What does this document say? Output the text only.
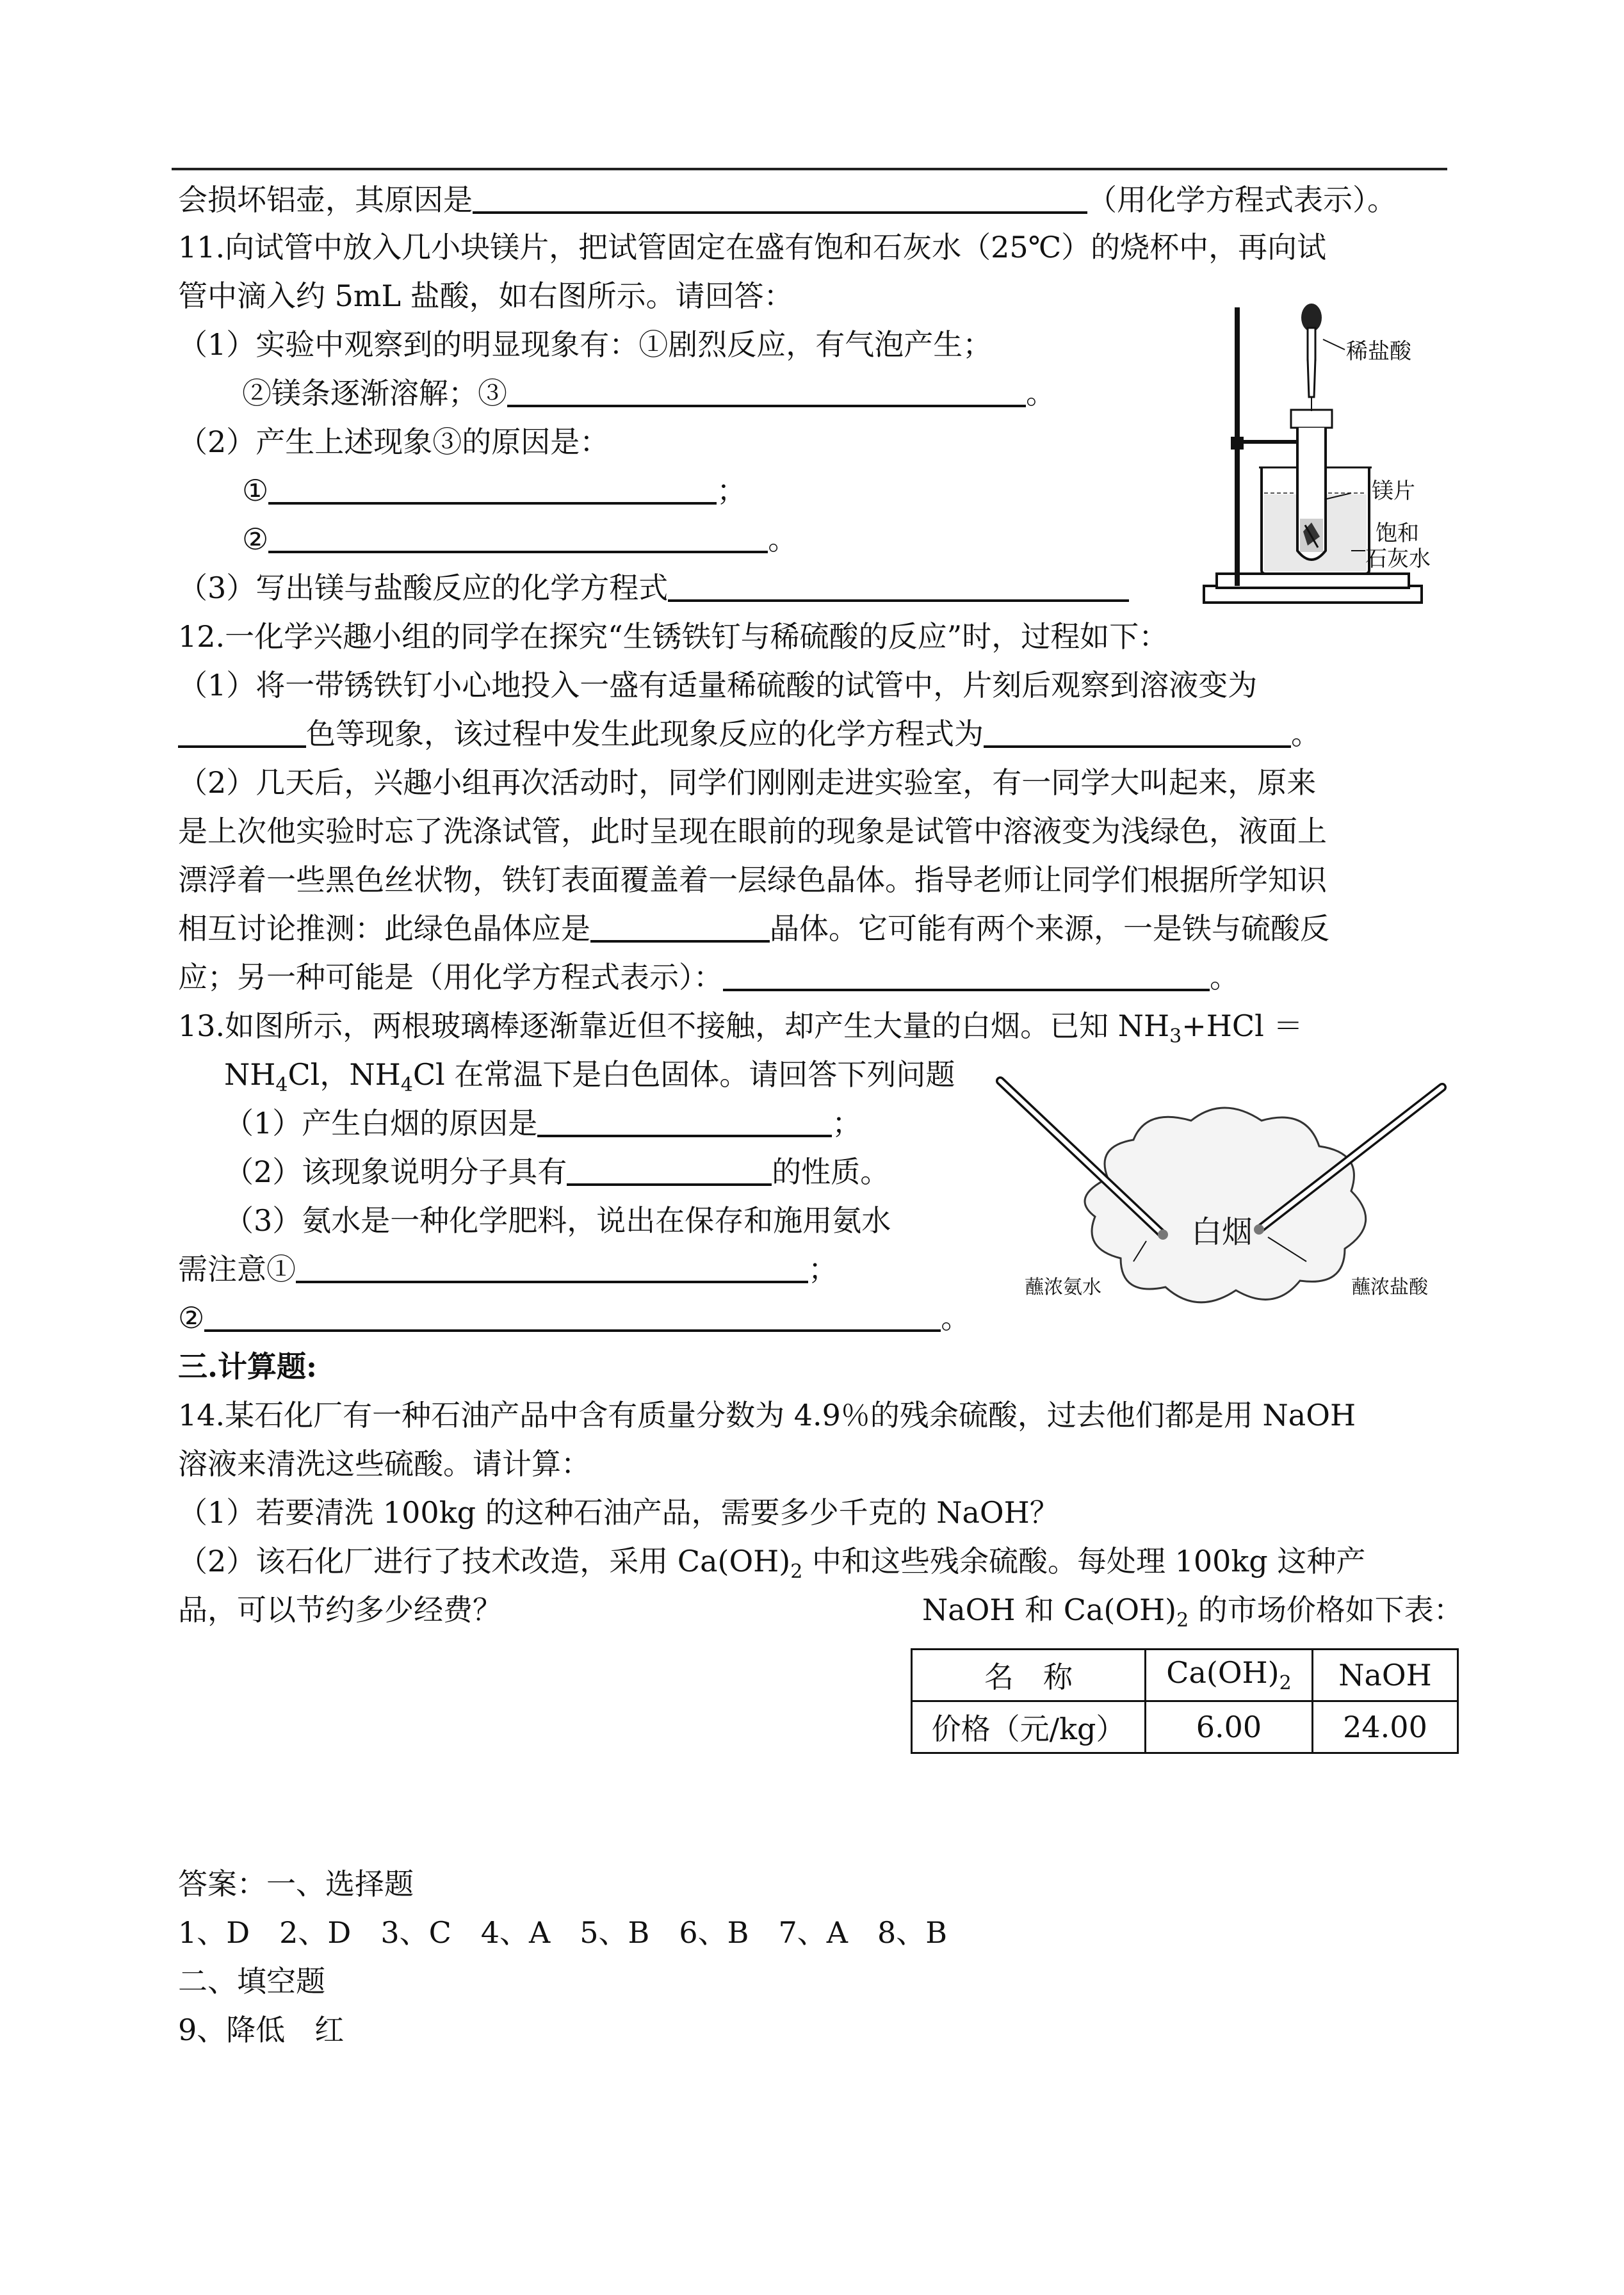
会损坏铝壶，其原因是	（用化学方程式表示）。
11.向试管中放入几小块镁片，把试管固定在盛有饱和石灰水（25℃）的烧杯中，再向试
管中滴入约 5mL 盐酸，如右图所示。请回答：
（1）实验中观察到的明显现象有：①剧烈反应，有气泡产生；
②镁条逐渐溶解；③	。
（2）产生上述现象③的原因是：
①	；
②	。
（3）写出镁与盐酸反应的化学方程式
稀盐酸
镁片
饱和
石灰水
12.一化学兴趣小组的同学在探究“生锈铁钉与稀硫酸的反应”时，过程如下：
（1）将一带锈铁钉小心地投入一盛有适量稀硫酸的试管中，片刻后观察到溶液变为
色等现象，该过程中发生此现象反应的化学方程式为	。
（2）几天后，兴趣小组再次活动时，同学们刚刚走进实验室，有一同学大叫起来，原来
是上次他实验时忘了洗涤试管，此时呈现在眼前的现象是试管中溶液变为浅绿色，液面上
漂浮着一些黑色丝状物，铁钉表面覆盖着一层绿色晶体。指导老师让同学们根据所学知识
相互讨论推测：此绿色晶体应是	晶体。它可能有两个来源，一是铁与硫酸反
应；另一种可能是（用化学方程式表示）：	。
13.如图所示，两根玻璃棒逐渐靠近但不接触，却产生大量的白烟。已知 $NH_3+HCl$ ＝
$NH_4Cl$，$NH_4Cl$ 在常温下是白色固体。请回答下列问题
（1）产生白烟的原因是	；
（2）该现象说明分子具有	的性质。
（3）氨水是一种化学肥料，说出在保存和施用氨水
需注意①	；
②	。
白烟
蘸浓氨水	蘸浓盐酸
三.计算题:
14.某石化厂有一种石油产品中含有质量分数为 4.9％的残余硫酸，过去他们都是用 NaOH
溶液来清洗这些硫酸。请计算：
（1）若要清洗 100kg 的这种石油产品，需要多少千克的 NaOH？
（2）该石化厂进行了技术改造，采用 $Ca(OH)_2$ 中和这些残余硫酸。每处理 100kg 这种产
品，可以节约多少经费？	NaOH 和 $Ca(OH)_2$ 的市场价格如下表：
名　称	$Ca(OH)_2$	NaOH
价格（元/kg）	6.00	24.00
答案：一、选择题
1、D　 2、D　 3、C　 4、A　 5、B　 6、B　 7、A　 8、B
二、填空题
9、降低　红
